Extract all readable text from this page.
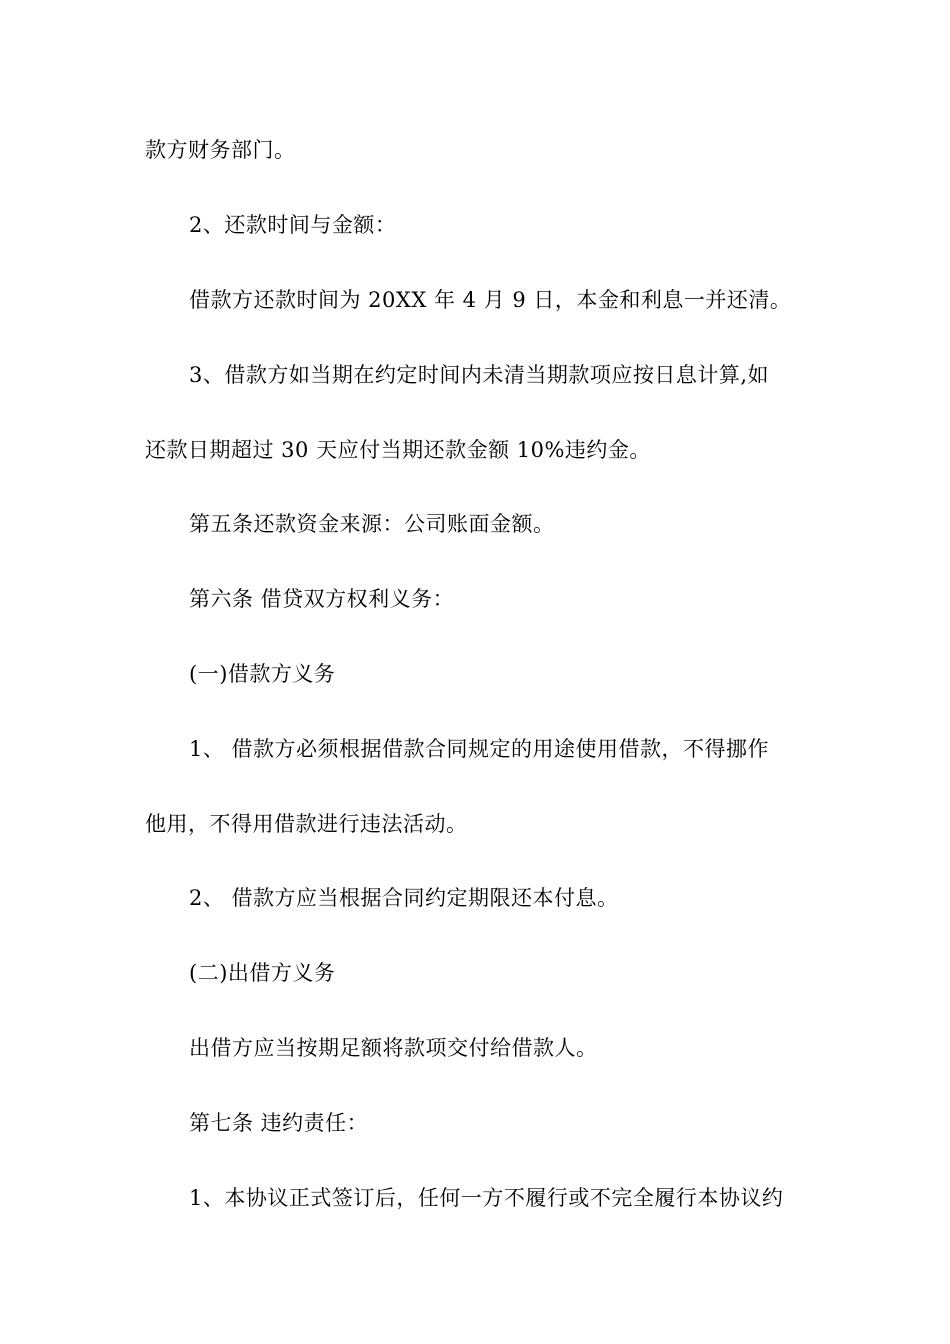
款方财务部门。
2、还款时间与金额：
借款方还款时间为 20XX 年 4 月 9 日，本金和利息一并还清。
3、借款方如当期在约定时间内未清当期款项应按日息计算,如
还款日期超过 30 天应付当期还款金额 10%违约金。
第五条还款资金来源：公司账面金额。
第六条 借贷双方权利义务：
(一)借款方义务
1、 借款方必须根据借款合同规定的用途使用借款，不得挪作
他用，不得用借款进行违法活动。
2、 借款方应当根据合同约定期限还本付息。
(二)出借方义务
出借方应当按期足额将款项交付给借款人。
第七条 违约责任：
1、本协议正式签订后，任何一方不履行或不完全履行本协议约
